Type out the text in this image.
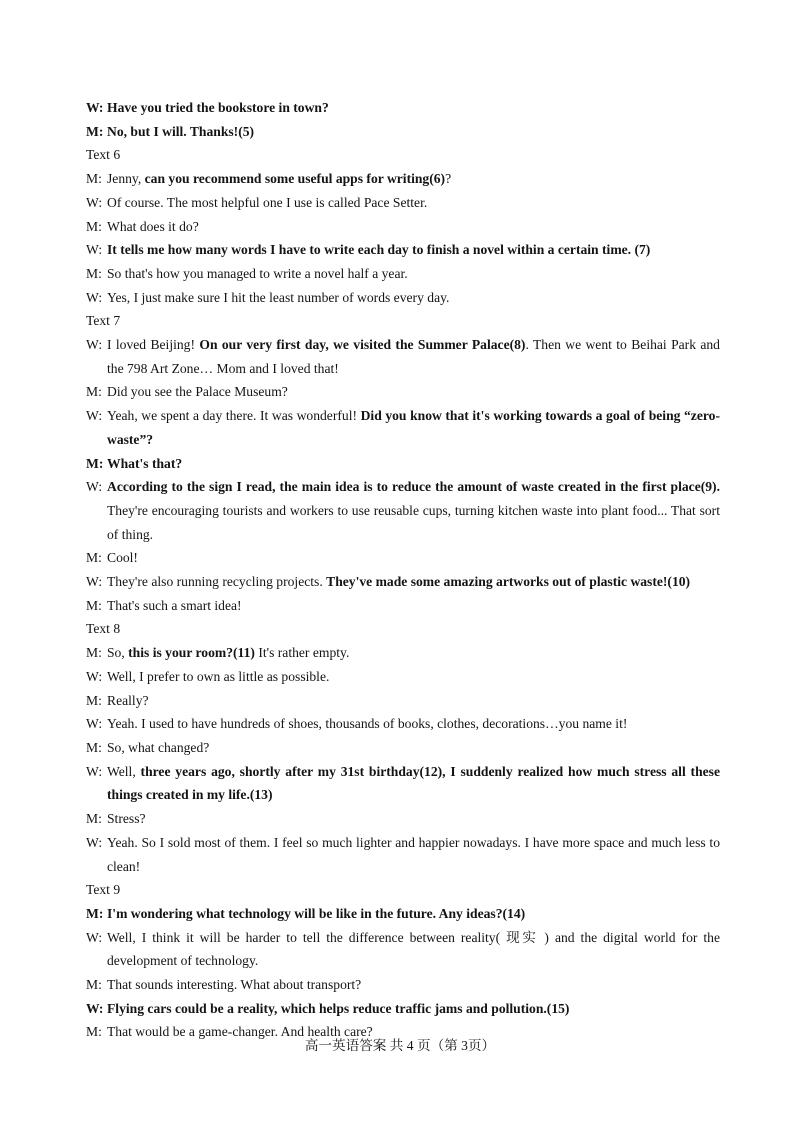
W: Have you tried the bookstore in town?
M: No, but I will. Thanks!(5)
Text 6
M: Jenny, can you recommend some useful apps for writing(6)?
W: Of course. The most helpful one I use is called Pace Setter.
M: What does it do?
W: It tells me how many words I have to write each day to finish a novel within a certain time. (7)
M: So that's how you managed to write a novel half a year.
W: Yes, I just make sure I hit the least number of words every day.
Text 7
W: I loved Beijing! On our very first day, we visited the Summer Palace(8). Then we went to Beihai Park and the 798 Art Zone… Mom and I loved that!
M: Did you see the Palace Museum?
W: Yeah, we spent a day there. It was wonderful! Did you know that it's working towards a goal of being “zero-waste”?
M: What's that?
W: According to the sign I read, the main idea is to reduce the amount of waste created in the first place(9). They're encouraging tourists and workers to use reusable cups, turning kitchen waste into plant food... That sort of thing.
M: Cool!
W: They're also running recycling projects. They've made some amazing artworks out of plastic waste!(10)
M: That's such a smart idea!
Text 8
M: So, this is your room?(11) It's rather empty.
W: Well, I prefer to own as little as possible.
M: Really?
W: Yeah. I used to have hundreds of shoes, thousands of books, clothes, decorations…you name it!
M: So, what changed?
W: Well, three years ago, shortly after my 31st birthday(12), I suddenly realized how much stress all these things created in my life.(13)
M: Stress?
W: Yeah. So I sold most of them. I feel so much lighter and happier nowadays. I have more space and much less to clean!
Text 9
M: I'm wondering what technology will be like in the future. Any ideas?(14)
W: Well, I think it will be harder to tell the difference between reality( 现实 ) and the digital world for the development of technology.
M: That sounds interesting. What about transport?
W: Flying cars could be a reality, which helps reduce traffic jams and pollution.(15)
M: That would be a game-changer. And health care?
高一英语答案 共 4 页（第 3页）
